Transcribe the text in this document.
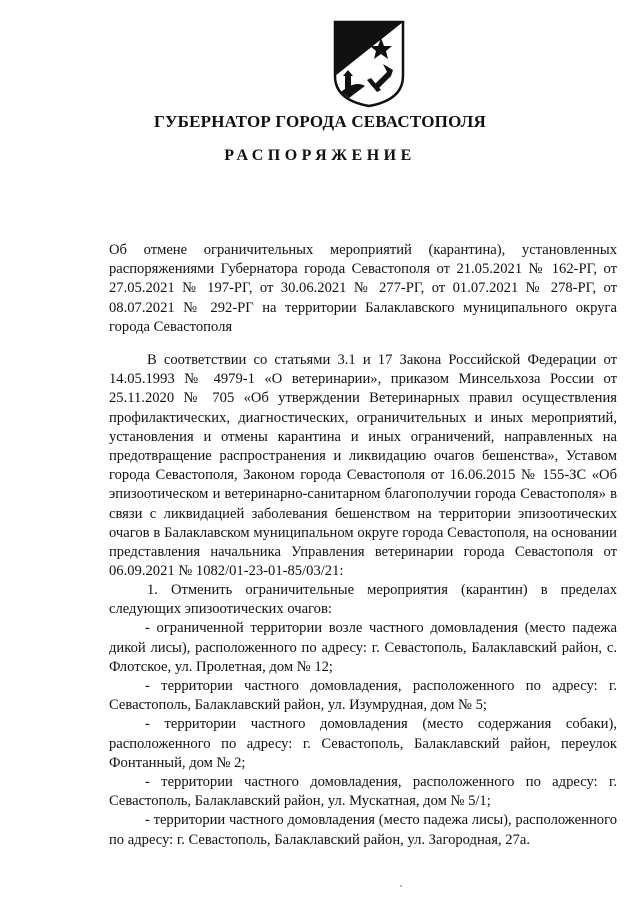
ГУБЕРНАТОР ГОРОДА СЕВАСТОПОЛЯ
РАСПОРЯЖЕНИЕ
Об отмене ограничительных мероприятий (карантина), установленных распоряжениями Губернатора города Севастополя от 21.05.2021 № 162-РГ, от 27.05.2021 № 197-РГ, от 30.06.2021 № 277-РГ, от 01.07.2021 № 278-РГ, от 08.07.2021 № 292-РГ на территории Балаклавского муниципального округа города Севастополя

В соответствии со статьями 3.1 и 17 Закона Российской Федерации от 14.05.1993 № 4979-1 «О ветеринарии», приказом Минсельхоза России от 25.11.2020 № 705 «Об утверждении Ветеринарных правил осуществления профилактических, диагностических, ограничительных и иных мероприятий, установления и отмены карантина и иных ограничений, направленных на предотвращение распространения и ликвидацию очагов бешенства», Уставом города Севастополя, Законом города Севастополя от 16.06.2015 № 155-ЗС «Об эпизоотическом и ветеринарно-санитарном благополучии города Севастополя» в связи с ликвидацией заболевания бешенством на территории эпизоотических очагов в Балаклавском муниципальном округе города Севастополя, на основании представления начальника Управления ветеринарии города Севастополя от 06.09.2021 № 1082/01-23-01-85/03/21:

1. Отменить ограничительные мероприятия (карантин) в пределах следующих эпизоотических очагов:

- ограниченной территории возле частного домовладения (место падежа дикой лисы), расположенного по адресу: г. Севастополь, Балаклавский район, с. Флотское, ул. Пролетная, дом № 12;

- территории частного домовладения, расположенного по адресу: г. Севастополь, Балаклавский район, ул. Изумрудная, дом № 5;

- территории частного домовладения (место содержания собаки), расположенного по адресу: г. Севастополь, Балаклавский район, переулок Фонтанный, дом № 2;

- территории частного домовладения, расположенного по адресу: г. Севастополь, Балаклавский район, ул. Мускатная, дом № 5/1;

- территории частного домовладения (место падежа лисы), расположенного по адресу: г. Севастополь, Балаклавский район, ул. Загородная, 27а.
